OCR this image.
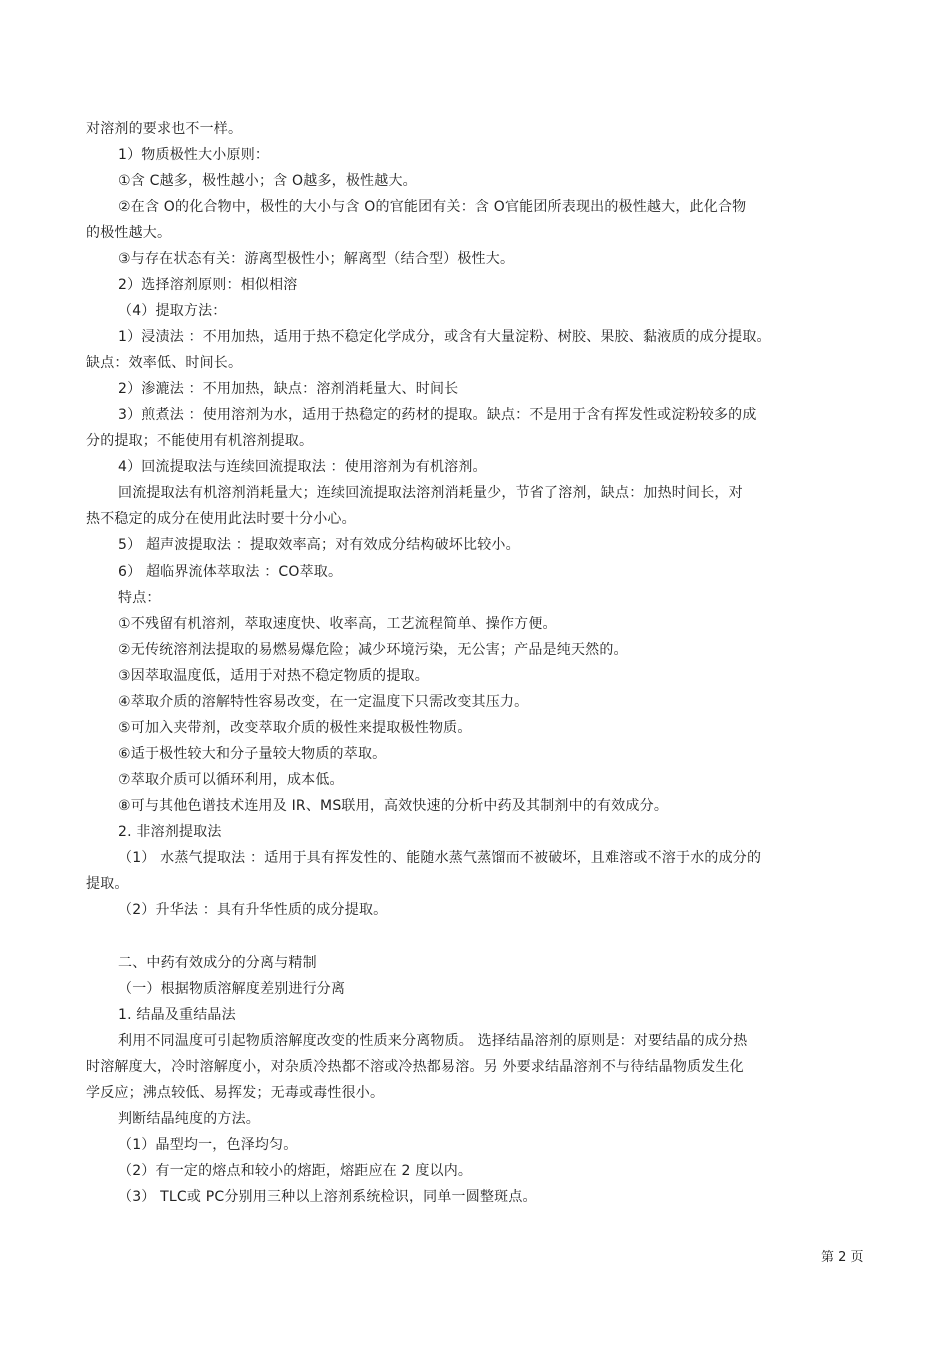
对溶剂的要求也不一样。
1）物质极性大小原则：
①含 C越多，极性越小；含 O越多，极性越大。
②在含 O的化合物中，极性的大小与含 O的官能团有关：含 O官能团所表现出的极性越大，此化合物
的极性越大。
③与存在状态有关：游离型极性小；解离型（结合型）极性大。
2）选择溶剂原则：相似相溶
（4）提取方法：
1）浸渍法 ：不用加热，适用于热不稳定化学成分，或含有大量淀粉、树胶、果胶、黏液质的成分提取。
缺点：效率低、时间长。
2）渗漉法 ：不用加热，缺点：溶剂消耗量大、时间长
3）煎煮法 ：使用溶剂为水，适用于热稳定的药材的提取。缺点：不是用于含有挥发性或淀粉较多的成
分的提取；不能使用有机溶剂提取。
4）回流提取法与连续回流提取法 ：使用溶剂为有机溶剂。
回流提取法有机溶剂消耗量大；连续回流提取法溶剂消耗量少，节省了溶剂，缺点：加热时间长，对
热不稳定的成分在使用此法时要十分小心。
5） 超声波提取法 ：提取效率高；对有效成分结构破坏比较小。
6） 超临界流体萃取法 ：CO萃取。
特点：
①不残留有机溶剂，萃取速度快、收率高，工艺流程简单、操作方便。
②无传统溶剂法提取的易燃易爆危险；减少环境污染，无公害；产品是纯天然的。
③因萃取温度低，适用于对热不稳定物质的提取。
④萃取介质的溶解特性容易改变，在一定温度下只需改变其压力。
⑤可加入夹带剂，改变萃取介质的极性来提取极性物质。
⑥适于极性较大和分子量较大物质的萃取。
⑦萃取介质可以循环利用，成本低。
⑧可与其他色谱技术连用及 IR、MS联用，高效快速的分析中药及其制剂中的有效成分。
2. 非溶剂提取法
（1） 水蒸气提取法 ：适用于具有挥发性的、能随水蒸气蒸馏而不被破坏，且难溶或不溶于水的成分的
提取。
（2）升华法 ：具有升华性质的成分提取。
二、中药有效成分的分离与精制
（一）根据物质溶解度差别进行分离
1. 结晶及重结晶法
利用不同温度可引起物质溶解度改变的性质来分离物质。 选择结晶溶剂的原则是：对要结晶的成分热
时溶解度大，冷时溶解度小，对杂质冷热都不溶或冷热都易溶。另 外要求结晶溶剂不与待结晶物质发生化
学反应；沸点较低、易挥发；无毒或毒性很小。
判断结晶纯度的方法。
（1）晶型均一，色泽均匀。
（2）有一定的熔点和较小的熔距，熔距应在 2 度以内。
（3） TLC或 PC分别用三种以上溶剂系统检识，同单一圆整斑点。
第 2 页
